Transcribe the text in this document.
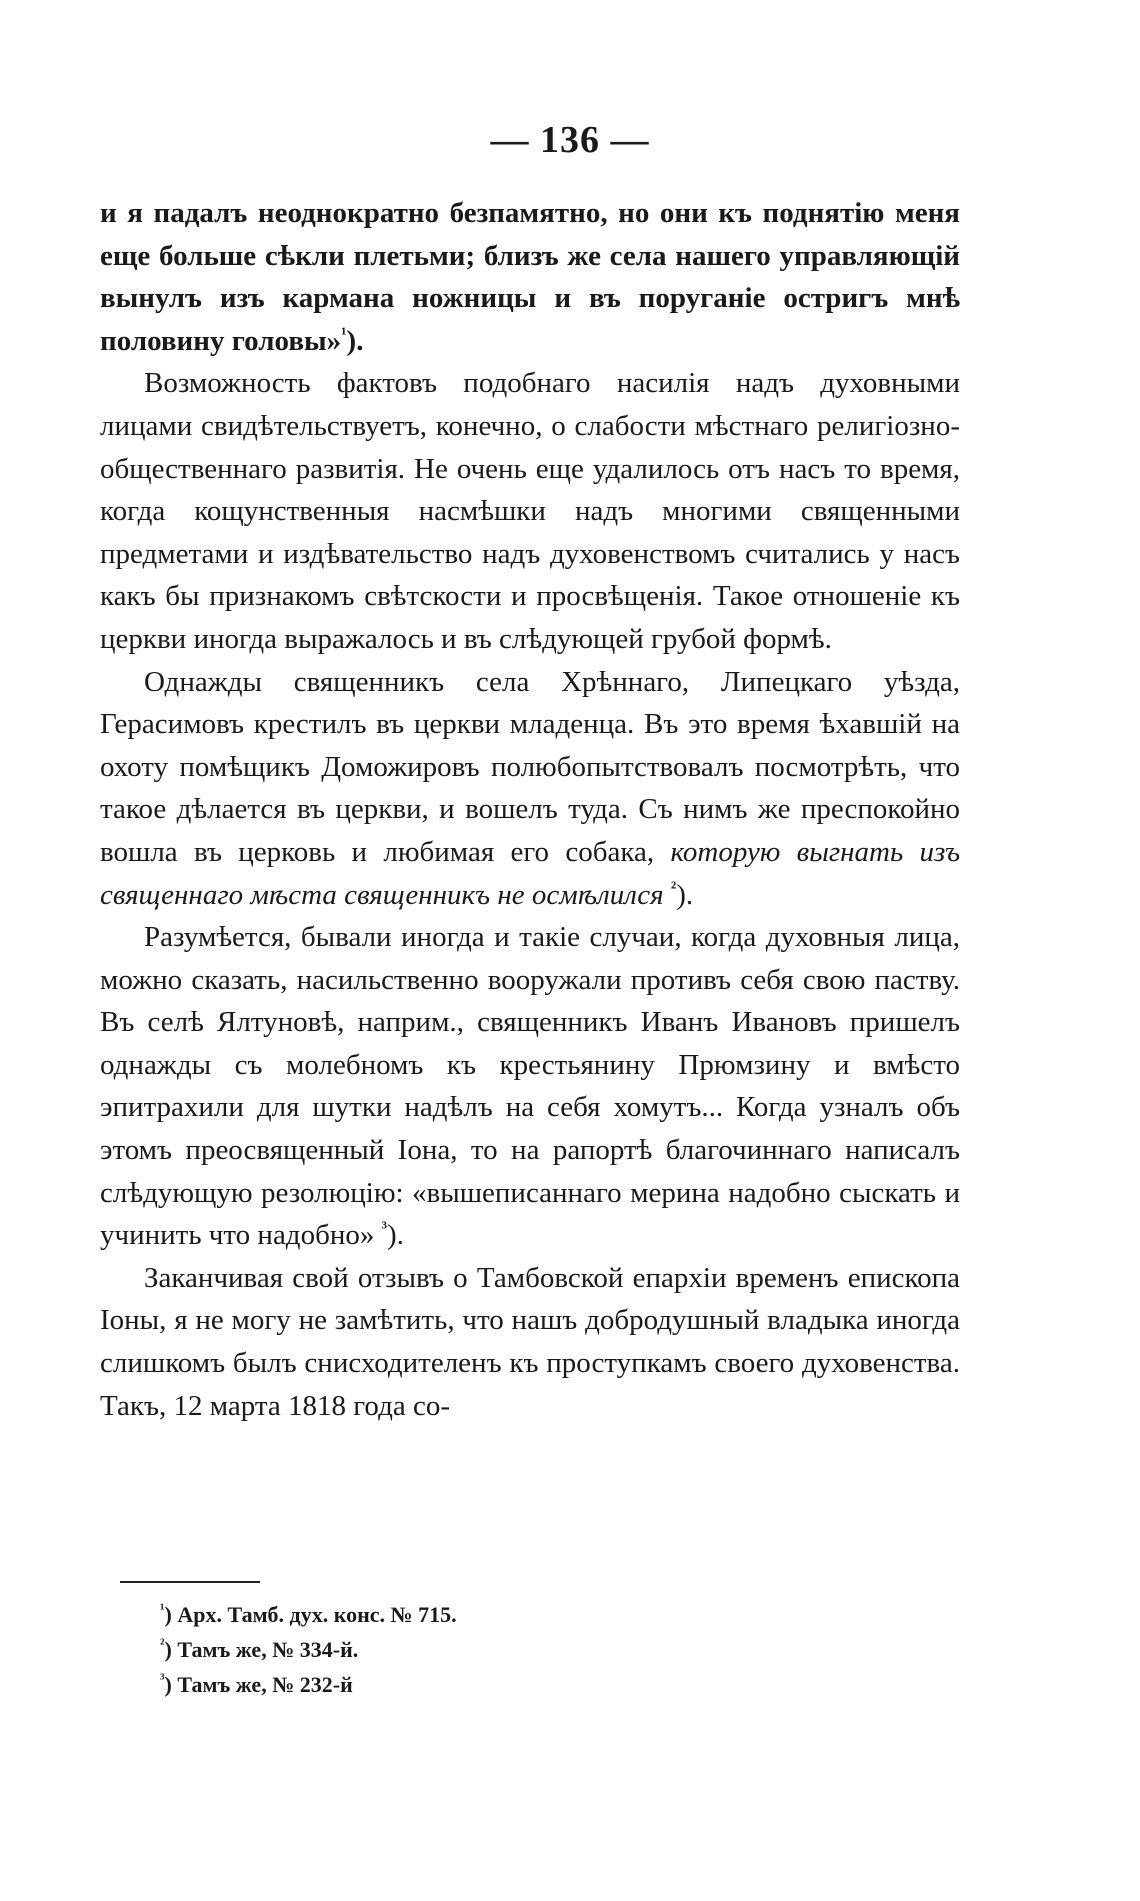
— 136 —

и я падалъ неоднократно безпамятно, но они къ поднятію меня еще больше сѣкли плетьми; близъ же села нашего управляющій вынулъ изъ кармана ножницы и въ поруганіе остригъ мнѣ половину головы»$^{^1}$).

Возможность фактовъ подобнаго насилія надъ духовными лицами свидѣтельствуетъ, конечно, о слабости мѣстнаго религіозно-общественнаго развитія. Не очень еще удалилось отъ насъ то время, когда кощунственныя насмѣшки надъ многими священными предметами и издѣвательство надъ духовенствомъ считались у насъ какъ бы признакомъ свѣтскости и просвѣщенія. Такое отношеніе къ церкви иногда выражалось и въ слѣдующей грубой формѣ.

Однажды священникъ села Хрѣннаго, Липецкаго уѣзда, Герасимовъ крестилъ въ церкви младенца. Въ это время ѣхавшій на охоту помѣщикъ Доможировъ полюбопытствовалъ посмотрѣть, что такое дѣлается въ церкви, и вошелъ туда. Съ нимъ же преспокойно вошла въ церковь и любимая его собака, которую выгнать изъ священнаго мѣста священникъ не осмѣлился $^{^2}$).

Разумѣется, бывали иногда и такіе случаи, когда духовныя лица, можно сказать, насильственно вооружали противъ себя свою паству. Въ селѣ Ялтуновѣ, наприм., священникъ Иванъ Ивановъ пришелъ однажды съ молебномъ къ крестьянину Прюмзину и вмѣсто эпитрахили для шутки надѣлъ на себя хомутъ... Когда узналъ объ этомъ преосвященный Іона, то на рапортѣ благочиннаго написалъ слѣдующую резолюцію: «вышеписаннаго мерина надобно сыскать и учинить что надобно» $^{^3}$).

Заканчивая свой отзывъ о Тамбовской епархіи временъ епископа Іоны, я не могу не замѣтить, что нашъ добродушный владыка иногда слишкомъ былъ снисходителенъ къ проступкамъ своего духовенства. Такъ, 12 марта 1818 года со-

$^{^1}$) Арх. Тамб. дух. конс. № 715.

$^{^2}$) Тамъ же, № 334-й.

$^{^3}$) Тамъ же, № 232-й
